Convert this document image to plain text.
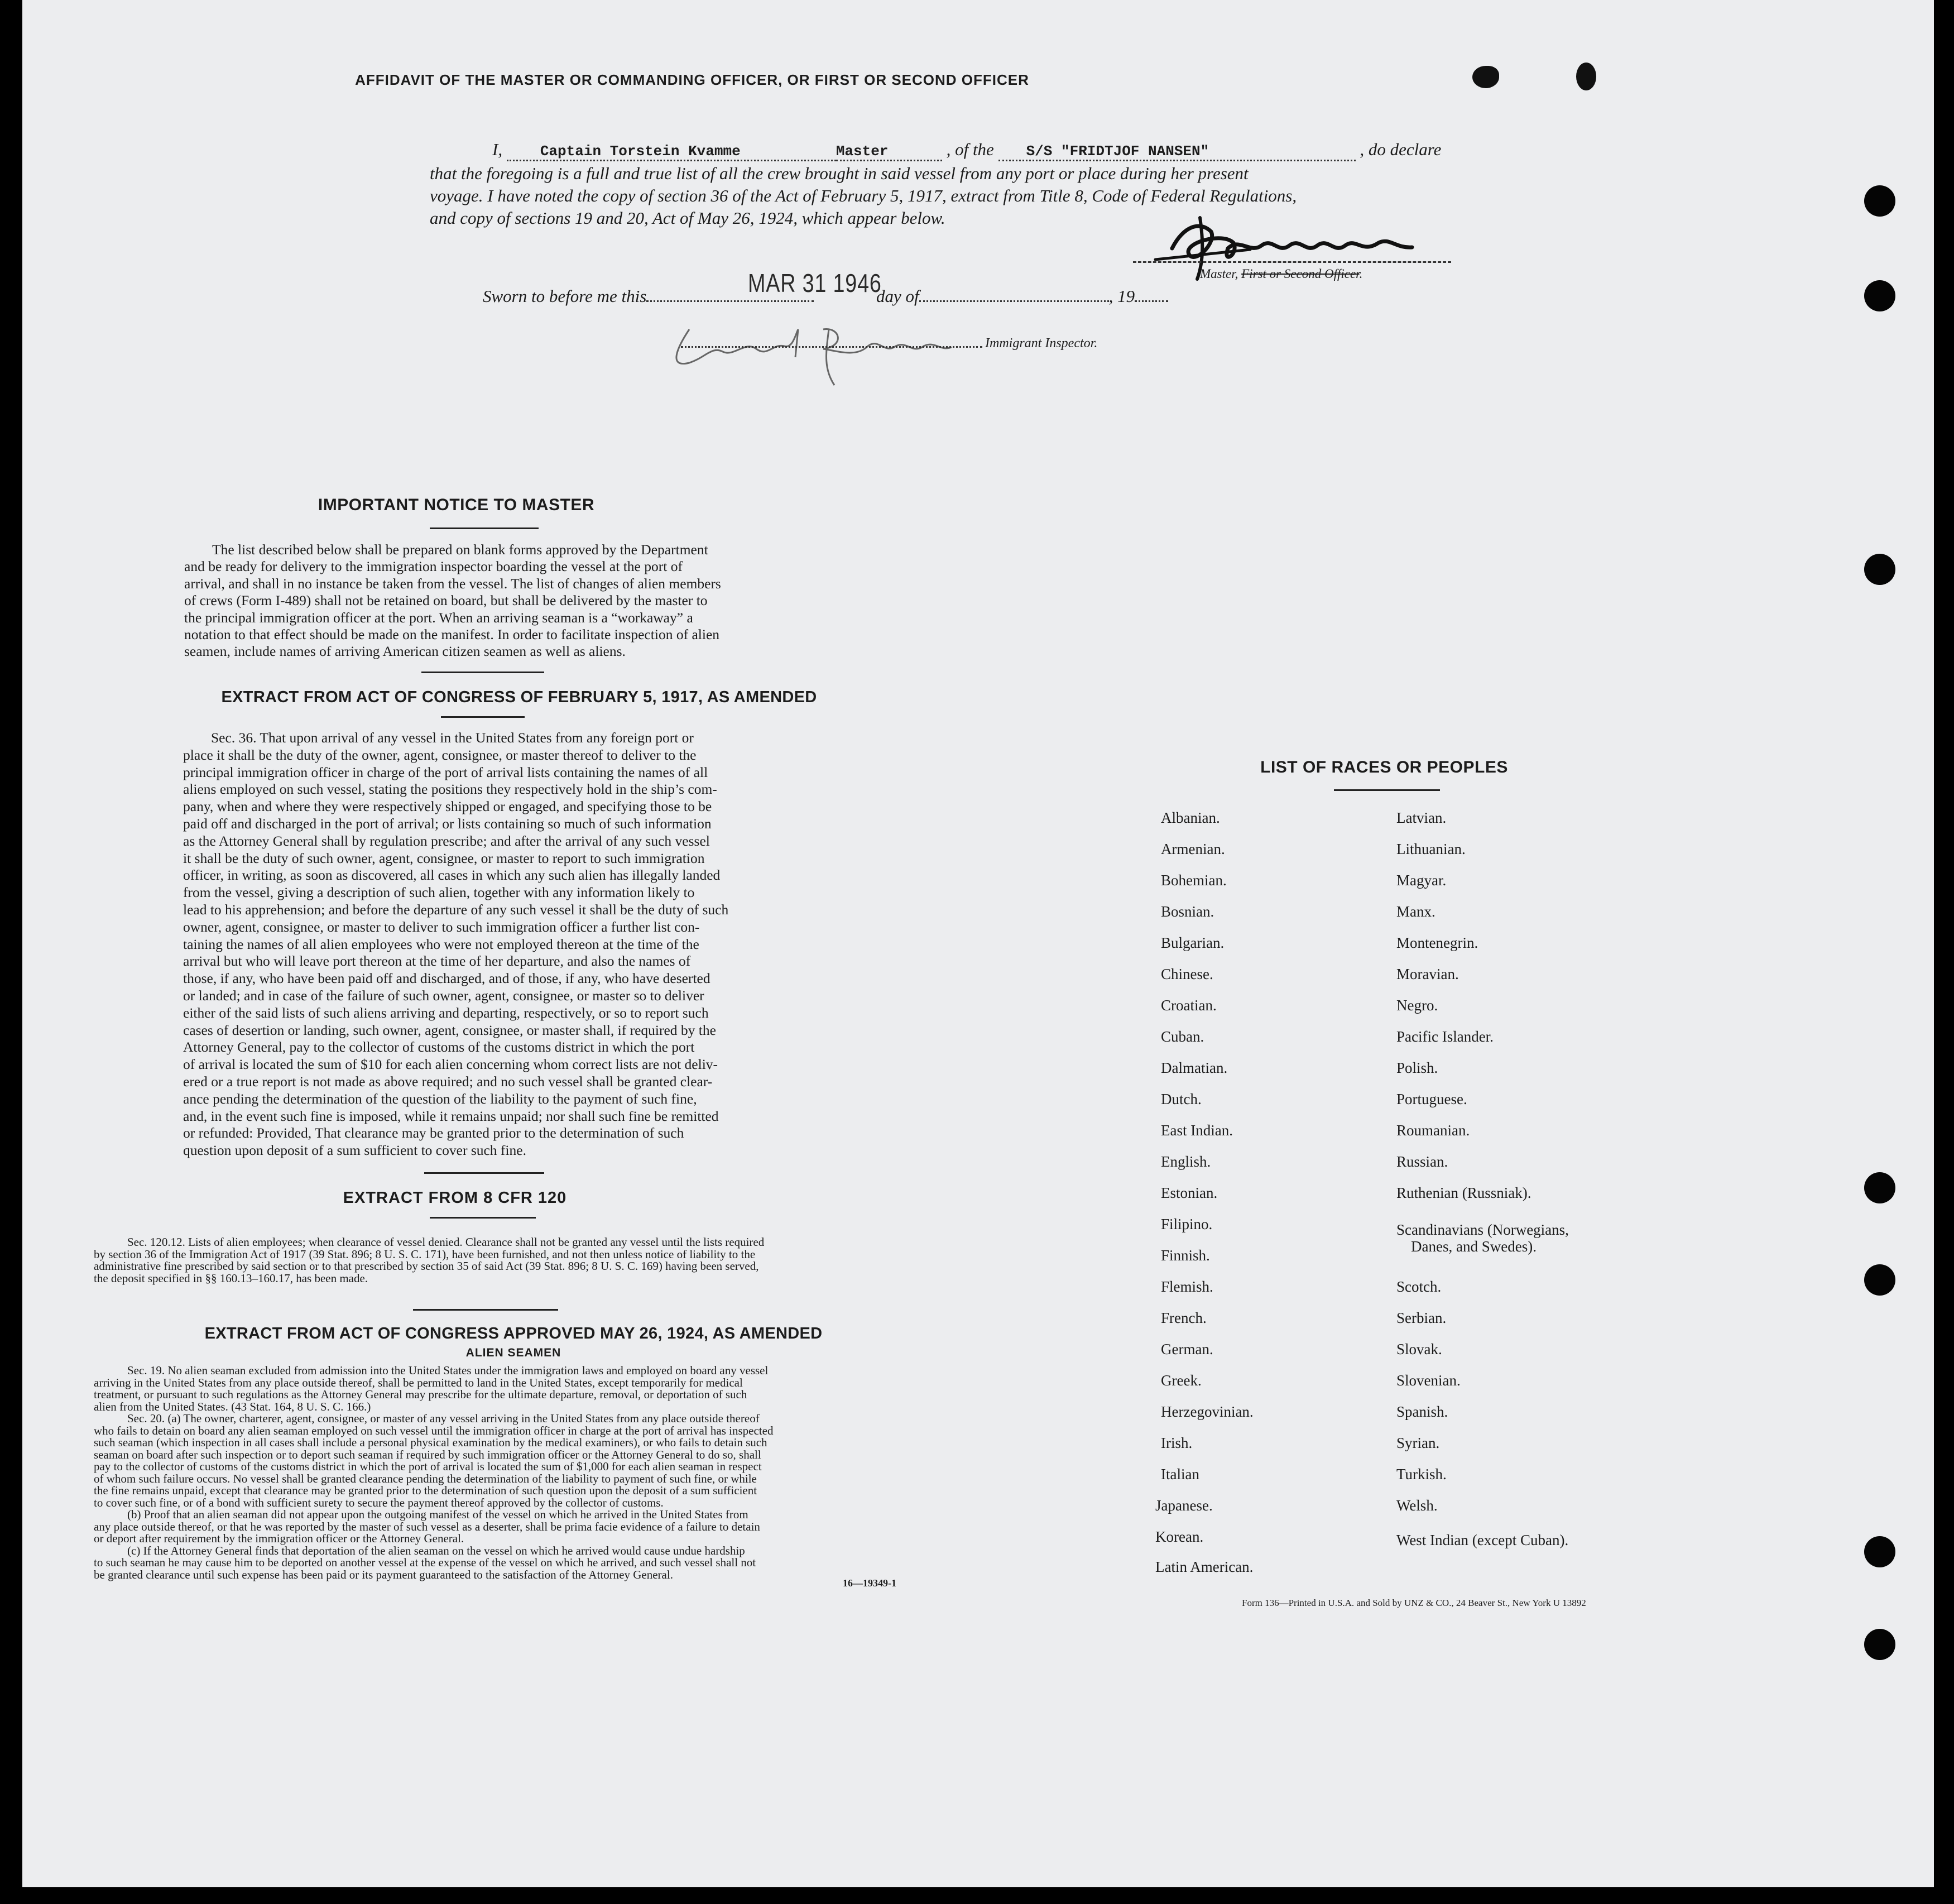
AFFIDAVIT OF THE MASTER OR COMMANDING OFFICER, OR FIRST OR SECOND OFFICER
I,	Captain Torstein Kvamme	Master	, of the S/S "FRIDTJOF NANSEN"	, do declare
that the foregoing is a full and true list of all the crew brought in said vessel from any port or place during her present
voyage. I have noted the copy of section 36 of the Act of February 5, 1917, extract from Title 8, Code of Federal Regulations,
and copy of sections 19 and 20, Act of May 26, 1924, which appear below.
Master, First or Second Officer.
Sworn to before me this	MAR 31 1946
day of	, 19
Immigrant Inspector.
IMPORTANT NOTICE TO MASTER
The list described below shall be prepared on blank forms approved by the Department
and be ready for delivery to the immigration inspector boarding the vessel at the port of
arrival, and shall in no instance be taken from the vessel. The list of changes of alien members
of crews (Form I-489) shall not be retained on board, but shall be delivered by the master to
the principal immigration officer at the port. When an arriving seaman is a “workaway” a
notation to that effect should be made on the manifest. In order to facilitate inspection of alien
seamen, include names of arriving American citizen seamen as well as aliens.
EXTRACT FROM ACT OF CONGRESS OF FEBRUARY 5, 1917, AS AMENDED
Sec. 36. That upon arrival of any vessel in the United States from any foreign port or
place it shall be the duty of the owner, agent, consignee, or master thereof to deliver to the
principal immigration officer in charge of the port of arrival lists containing the names of all
aliens employed on such vessel, stating the positions they respectively hold in the ship’s com-
pany, when and where they were respectively shipped or engaged, and specifying those to be
paid off and discharged in the port of arrival; or lists containing so much of such information
as the Attorney General shall by regulation prescribe; and after the arrival of any such vessel
it shall be the duty of such owner, agent, consignee, or master to report to such immigration
officer, in writing, as soon as discovered, all cases in which any such alien has illegally landed
from the vessel, giving a description of such alien, together with any information likely to
lead to his apprehension; and before the departure of any such vessel it shall be the duty of such
owner, agent, consignee, or master to deliver to such immigration officer a further list con-
taining the names of all alien employees who were not employed thereon at the time of the
arrival but who will leave port thereon at the time of her departure, and also the names of
those, if any, who have been paid off and discharged, and of those, if any, who have deserted
or landed; and in case of the failure of such owner, agent, consignee, or master so to deliver
either of the said lists of such aliens arriving and departing, respectively, or so to report such
cases of desertion or landing, such owner, agent, consignee, or master shall, if required by the
Attorney General, pay to the collector of customs of the customs district in which the port
of arrival is located the sum of $10 for each alien concerning whom correct lists are not deliv-
ered or a true report is not made as above required; and no such vessel shall be granted clear-
ance pending the determination of the question of the liability to the payment of such fine,
and, in the event such fine is imposed, while it remains unpaid; nor shall such fine be remitted
or refunded: Provided, That clearance may be granted prior to the determination of such
question upon deposit of a sum sufficient to cover such fine.
EXTRACT FROM 8 CFR 120
Sec. 120.12. Lists of alien employees; when clearance of vessel denied. Clearance shall not be granted any vessel until the lists required
by section 36 of the Immigration Act of 1917 (39 Stat. 896; 8 U. S. C. 171), have been furnished, and not then unless notice of liability to the
administrative fine prescribed by said section or to that prescribed by section 35 of said Act (39 Stat. 896; 8 U. S. C. 169) having been served,
the deposit specified in §§ 160.13–160.17, has been made.
EXTRACT FROM ACT OF CONGRESS APPROVED MAY 26, 1924, AS AMENDED
ALIEN SEAMEN
Sec. 19. No alien seaman excluded from admission into the United States under the immigration laws and employed on board any vessel
arriving in the United States from any place outside thereof, shall be permitted to land in the United States, except temporarily for medical
treatment, or pursuant to such regulations as the Attorney General may prescribe for the ultimate departure, removal, or deportation of such
alien from the United States. (43 Stat. 164, 8 U. S. C. 166.)
Sec. 20. (a) The owner, charterer, agent, consignee, or master of any vessel arriving in the United States from any place outside thereof
who fails to detain on board any alien seaman employed on such vessel until the immigration officer in charge at the port of arrival has inspected
such seaman (which inspection in all cases shall include a personal physical examination by the medical examiners), or who fails to detain such
seaman on board after such inspection or to deport such seaman if required by such immigration officer or the Attorney General to do so, shall
pay to the collector of customs of the customs district in which the port of arrival is located the sum of $1,000 for each alien seaman in respect
of whom such failure occurs. No vessel shall be granted clearance pending the determination of the liability to payment of such fine, or while
the fine remains unpaid, except that clearance may be granted prior to the determination of such question upon the deposit of a sum sufficient
to cover such fine, or of a bond with sufficient surety to secure the payment thereof approved by the collector of customs.
(b) Proof that an alien seaman did not appear upon the outgoing manifest of the vessel on which he arrived in the United States from
any place outside thereof, or that he was reported by the master of such vessel as a deserter, shall be prima facie evidence of a failure to detain
or deport after requirement by the immigration officer or the Attorney General.
(c) If the Attorney General finds that deportation of the alien seaman on the vessel on which he arrived would cause undue hardship
to such seaman he may cause him to be deported on another vessel at the expense of the vessel on which he arrived, and such vessel shall not
be granted clearance until such expense has been paid or its payment guaranteed to the satisfaction of the Attorney General.
16—19349-1
LIST OF RACES OR PEOPLES
Albanian.
Armenian.
Bohemian.
Bosnian.
Bulgarian.
Chinese.
Croatian.
Cuban.
Dalmatian.
Dutch.
East Indian.
English.
Estonian.
Filipino.
Finnish.
Flemish.
French.
German.
Greek.
Herzegovinian.
Irish.
Italian
Japanese.
Korean.
Latin American.
Latvian.
Lithuanian.
Magyar.
Manx.
Montenegrin.
Moravian.
Negro.
Pacific Islander.
Polish.
Portuguese.
Roumanian.
Russian.
Ruthenian (Russniak).
Scandinavians (Norwegians,
Danes, and Swedes).
Scotch.
Serbian.
Slovak.
Slovenian.
Spanish.
Syrian.
Turkish.
Welsh.
West Indian (except Cuban).
Form 136—Printed in U.S.A. and Sold by UNZ & CO., 24 Beaver St., New York U 13892
